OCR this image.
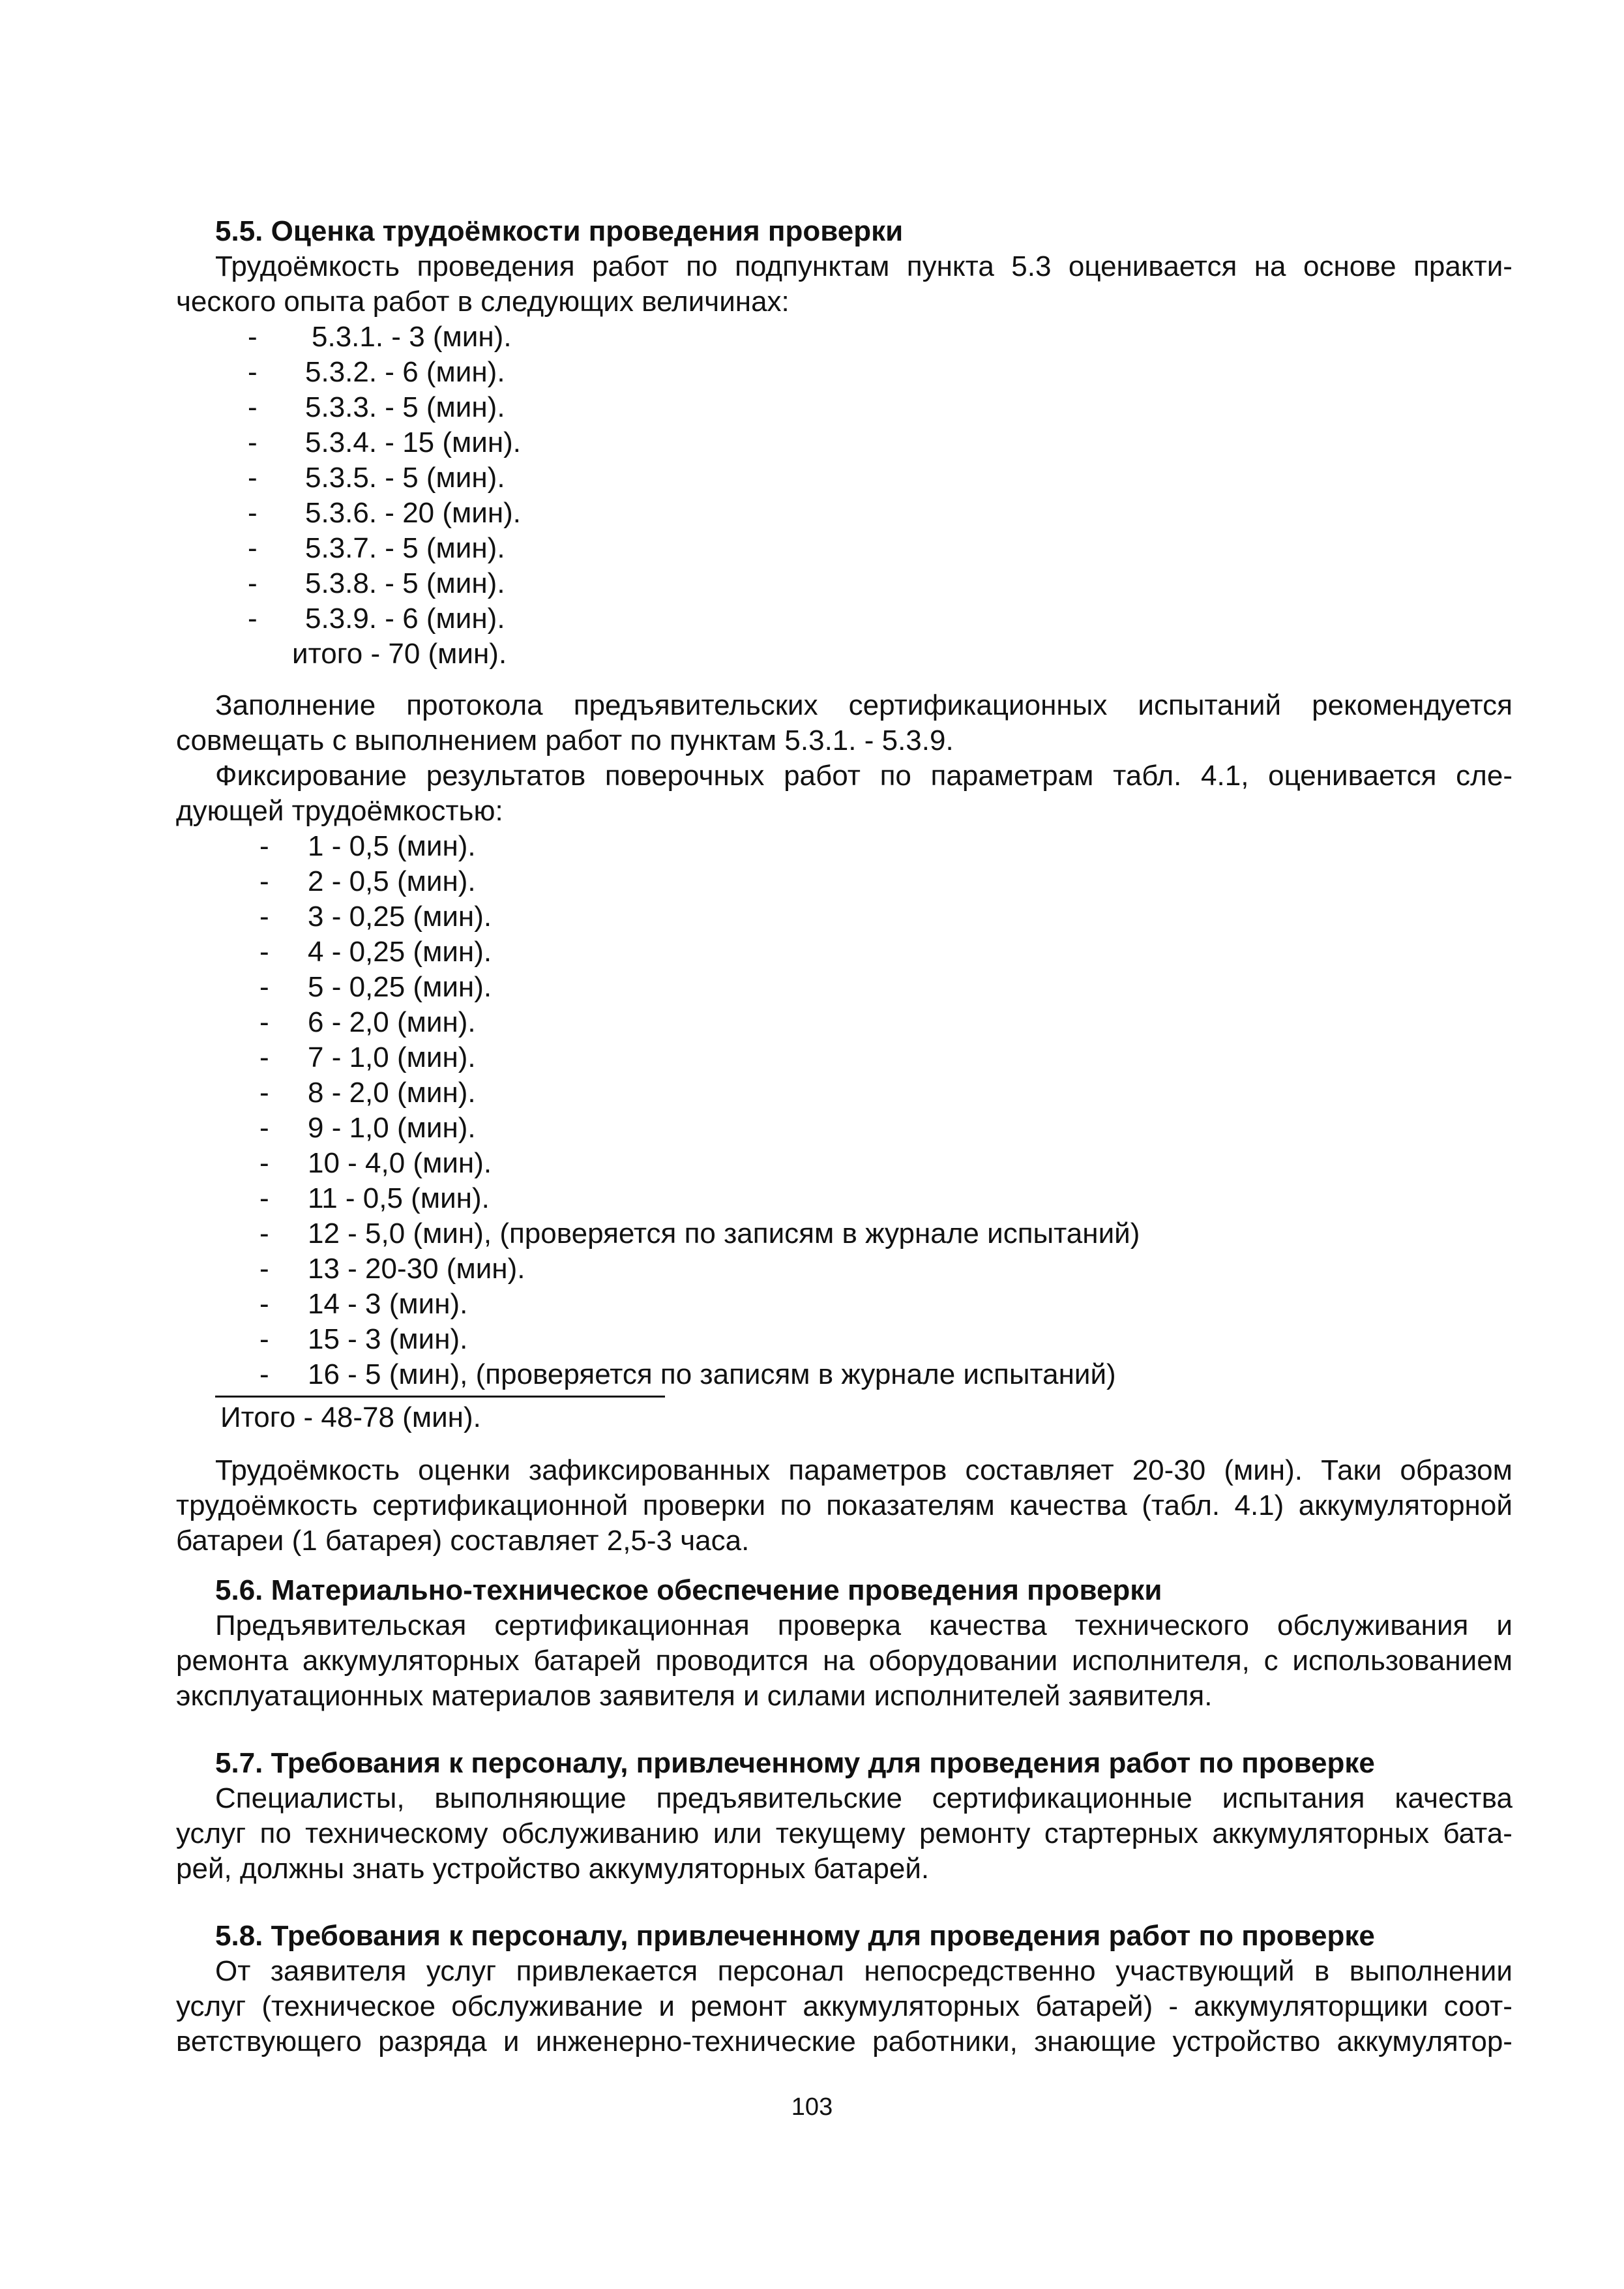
5.5. Оценка трудоёмкости проведения проверки
Трудоёмкость проведения работ по подпунктам пункта 5.3 оценивается на основе практи-
ческого опыта работ в следующих величинах:
- 5.3.1. - 3 (мин).
- 5.3.2. - 6 (мин).
- 5.3.3. - 5 (мин).
- 5.3.4. - 15 (мин).
- 5.3.5. - 5 (мин).
- 5.3.6. - 20 (мин).
- 5.3.7. - 5 (мин).
- 5.3.8. - 5 (мин).
- 5.3.9. - 6 (мин).
итого - 70 (мин).
Заполнение протокола предъявительских сертификационных испытаний рекомендуется
совмещать с выполнением работ по пунктам 5.3.1. - 5.3.9.
Фиксирование результатов поверочных работ по параметрам табл. 4.1, оценивается сле-
дующей трудоёмкостью:
- 1 - 0,5 (мин).
- 2 - 0,5 (мин).
- 3 - 0,25 (мин).
- 4 - 0,25 (мин).
- 5 - 0,25 (мин).
- 6 - 2,0 (мин).
- 7 - 1,0 (мин).
- 8 - 2,0 (мин).
- 9 - 1,0 (мин).
- 10 - 4,0 (мин).
- 11 - 0,5 (мин).
- 12 - 5,0 (мин), (проверяется по записям в журнале испытаний)
- 13 - 20-30 (мин).
- 14 - 3 (мин).
- 15 - 3 (мин).
- 16 - 5 (мин), (проверяется по записям в журнале испытаний)
Итого - 48-78 (мин).
Трудоёмкость оценки зафиксированных параметров составляет 20-30 (мин). Таки образом
трудоёмкость сертификационной проверки по показателям качества (табл. 4.1) аккумуляторной
батареи (1 батарея) составляет 2,5-3 часа.
5.6. Материально-техническое обеспечение проведения проверки
Предъявительская сертификационная проверка качества технического обслуживания и
ремонта аккумуляторных батарей проводится на оборудовании исполнителя, с использованием
эксплуатационных материалов заявителя и силами исполнителей заявителя.
5.7. Требования к персоналу, привлеченному для проведения работ по проверке
Специалисты, выполняющие предъявительские сертификационные испытания качества
услуг по техническому обслуживанию или текущему ремонту стартерных аккумуляторных бата-
рей, должны знать устройство аккумуляторных батарей.
5.8. Требования к персоналу, привлеченному для проведения работ по проверке
От заявителя услуг привлекается персонал непосредственно участвующий в выполнении
услуг (техническое обслуживание и ремонт аккумуляторных батарей) - аккумуляторщики соот-
ветствующего разряда и инженерно-технические работники, знающие устройство аккумулятор-
103
